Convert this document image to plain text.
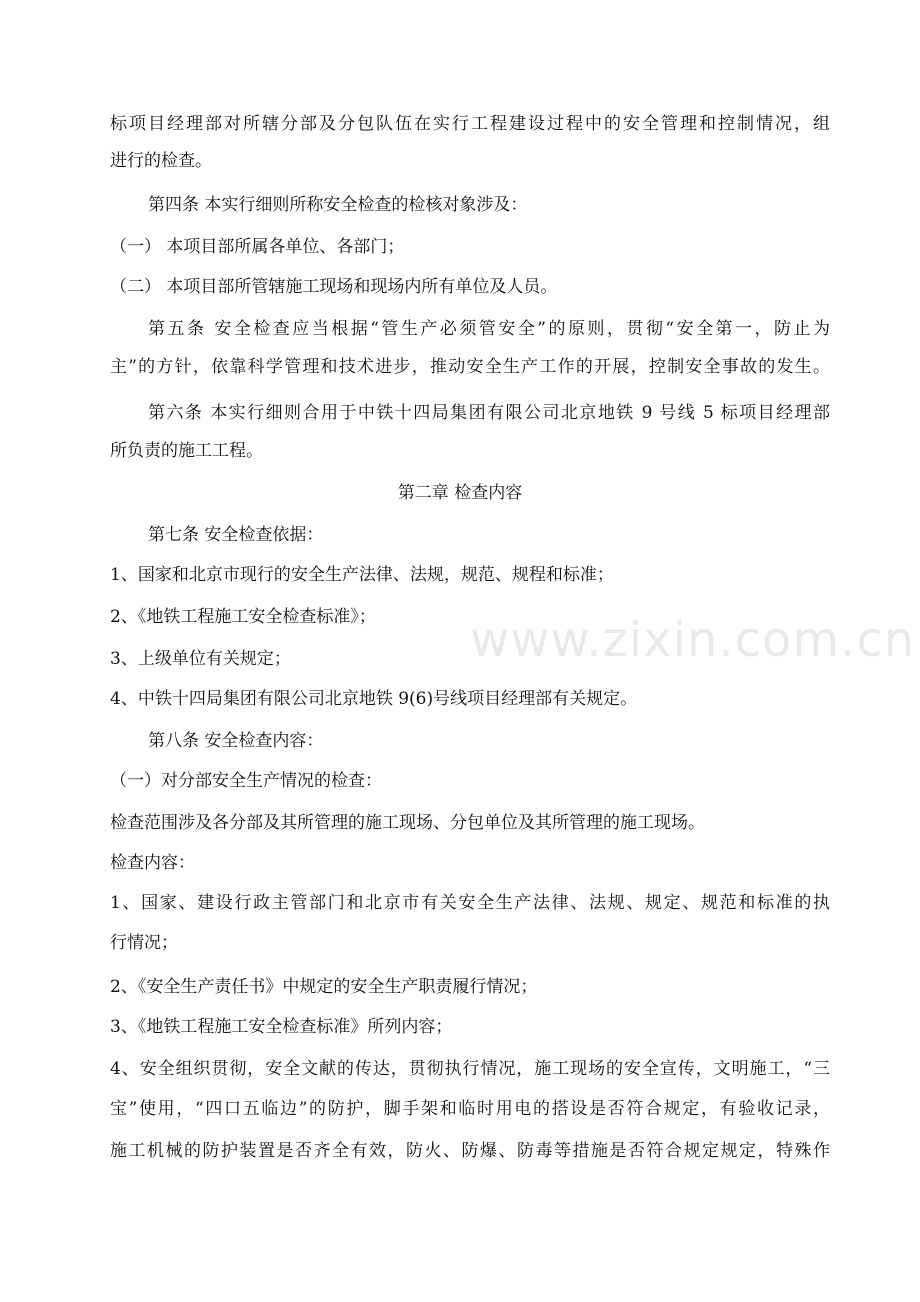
标项目经理部对所辖分部及分包队伍在实行工程建设过程中的安全管理和控制情况，组
进行的检查。
第四条 本实行细则所称安全检查的检核对象涉及：
（一） 本项目部所属各单位、各部门；
（二） 本项目部所管辖施工现场和现场内所有单位及人员。
第五条 安全检查应当根据“管生产必须管安全”的原则，贯彻“安全第一，防止为
主”的方针，依靠科学管理和技术进步，推动安全生产工作的开展，控制安全事故的发生。
第六条 本实行细则合用于中铁十四局集团有限公司北京地铁 9 号线 5 标项目经理部
所负责的施工工程。
第二章 检查内容
第七条 安全检查依据：
1、国家和北京市现行的安全生产法律、法规，规范、规程和标准；
2、《地铁工程施工安全检查标准》；
3、上级单位有关规定；
4、中铁十四局集团有限公司北京地铁 9(6)号线项目经理部有关规定。
第八条 安全检查内容：
（一）对分部安全生产情况的检查：
检查范围涉及各分部及其所管理的施工现场、分包单位及其所管理的施工现场。
检查内容：
1、国家、建设行政主管部门和北京市有关安全生产法律、法规、规定、规范和标准的执
行情况；
2、《安全生产责任书》中规定的安全生产职责履行情况；
3、《地铁工程施工安全检查标准》所列内容；
4、安全组织贯彻，安全文献的传达，贯彻执行情况，施工现场的安全宣传，文明施工，“三
宝”使用，“四口五临边”的防护，脚手架和临时用电的搭设是否符合规定，有验收记录，
施工机械的防护装置是否齐全有效，防火、防爆、防毒等措施是否符合规定规定，特殊作
www.zixin.com.cn
